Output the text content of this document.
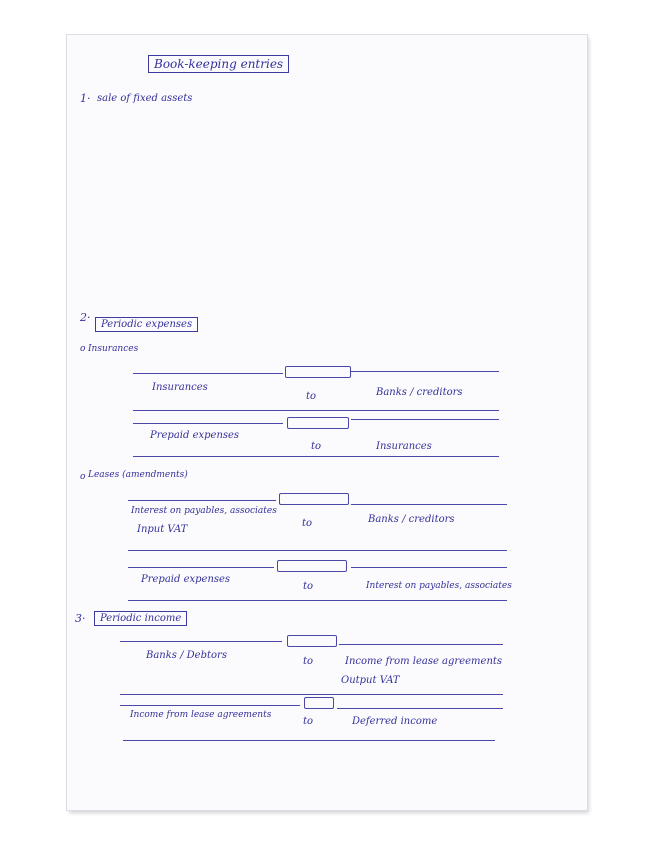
Book-keeping entries
1· sale of fixed assets
2·
Periodic expenses
o Insurances
Insurances
to	Banks / creditors
Prepaid expenses
to	Insurances
o Leases (amendments)
Interest on payables, associates
Input VAT
to	Banks / creditors
Prepaid expenses
to	Interest on payables, associates
3·	Periodic income
Banks / Debtors
to	Income from lease agreements
Output VAT
Income from lease agreements
to	Deferred income
